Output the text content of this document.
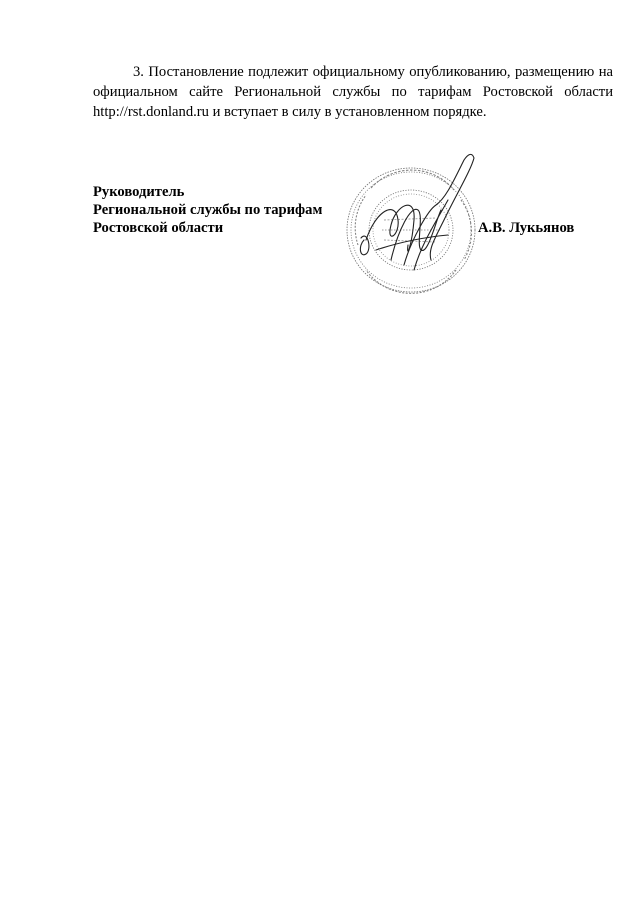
3. Постановление подлежит официальному опубликованию, размещению на официальном сайте Региональной службы по тарифам Ростовской области http://rst.donland.ru и вступает в силу в установленном порядке.

Руководитель
Региональной службы по тарифам
Ростовской области	А.В. Лукьянов
